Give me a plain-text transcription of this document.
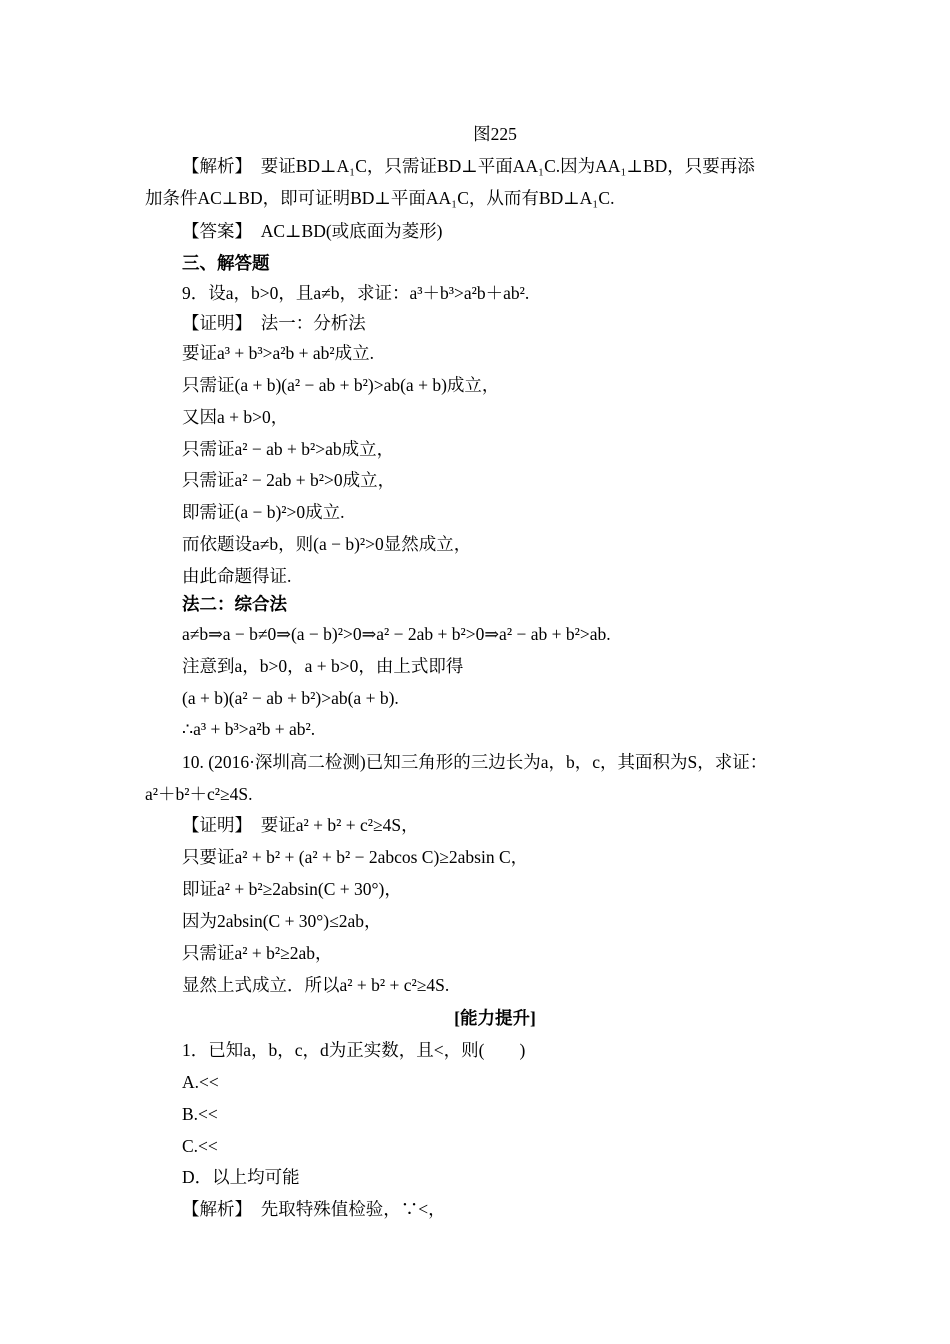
图225
【解析】　要证BD⊥A₁C，只需证BD⊥平面AA₁C.因为AA₁⊥BD，只要再添
加条件AC⊥BD，即可证明BD⊥平面AA₁C，从而有BD⊥A₁C.
【答案】　AC⊥BD(或底面为菱形)
三、解答题
9．设a，b>0，且a≠b，求证：a³＋b³>a²b＋ab².
【证明】　法一：分析法
要证a³ + b³>a²b + ab²成立.
只需证(a + b)(a² − ab + b²)>ab(a + b)成立，
又因a + b>0，
只需证a² − ab + b²>ab成立，
只需证a² − 2ab + b²>0成立，
即需证(a − b)²>0成立.
而依题设a≠b，则(a − b)²>0显然成立，
由此命题得证.
法二：综合法
a≠b⇒a − b≠0⇒(a − b)²>0⇒a² − 2ab + b²>0⇒a² − ab + b²>ab.
注意到a，b>0，a + b>0，由上式即得
(a + b)(a² − ab + b²)>ab(a + b).
∴a³ + b³>a²b + ab².
10. (2016·深圳高二检测)已知三角形的三边长为a，b，c，其面积为S，求证：
a²＋b²＋c²≥4S.
【证明】　要证a² + b² + c²≥4S，
只要证a² + b² + (a² + b² − 2abcos C)≥2absin C，
即证a² + b²≥2absin(C + 30°)，
因为2absin(C + 30°)≤2ab，
只需证a² + b²≥2ab，
显然上式成立．所以a² + b² + c²≥4S.
[能力提升]
1．已知a，b，c，d为正实数，且<，则(　　)
A.<<
B.<<
C.<<
D．以上均可能
【解析】　先取特殊值检验，∵<，
